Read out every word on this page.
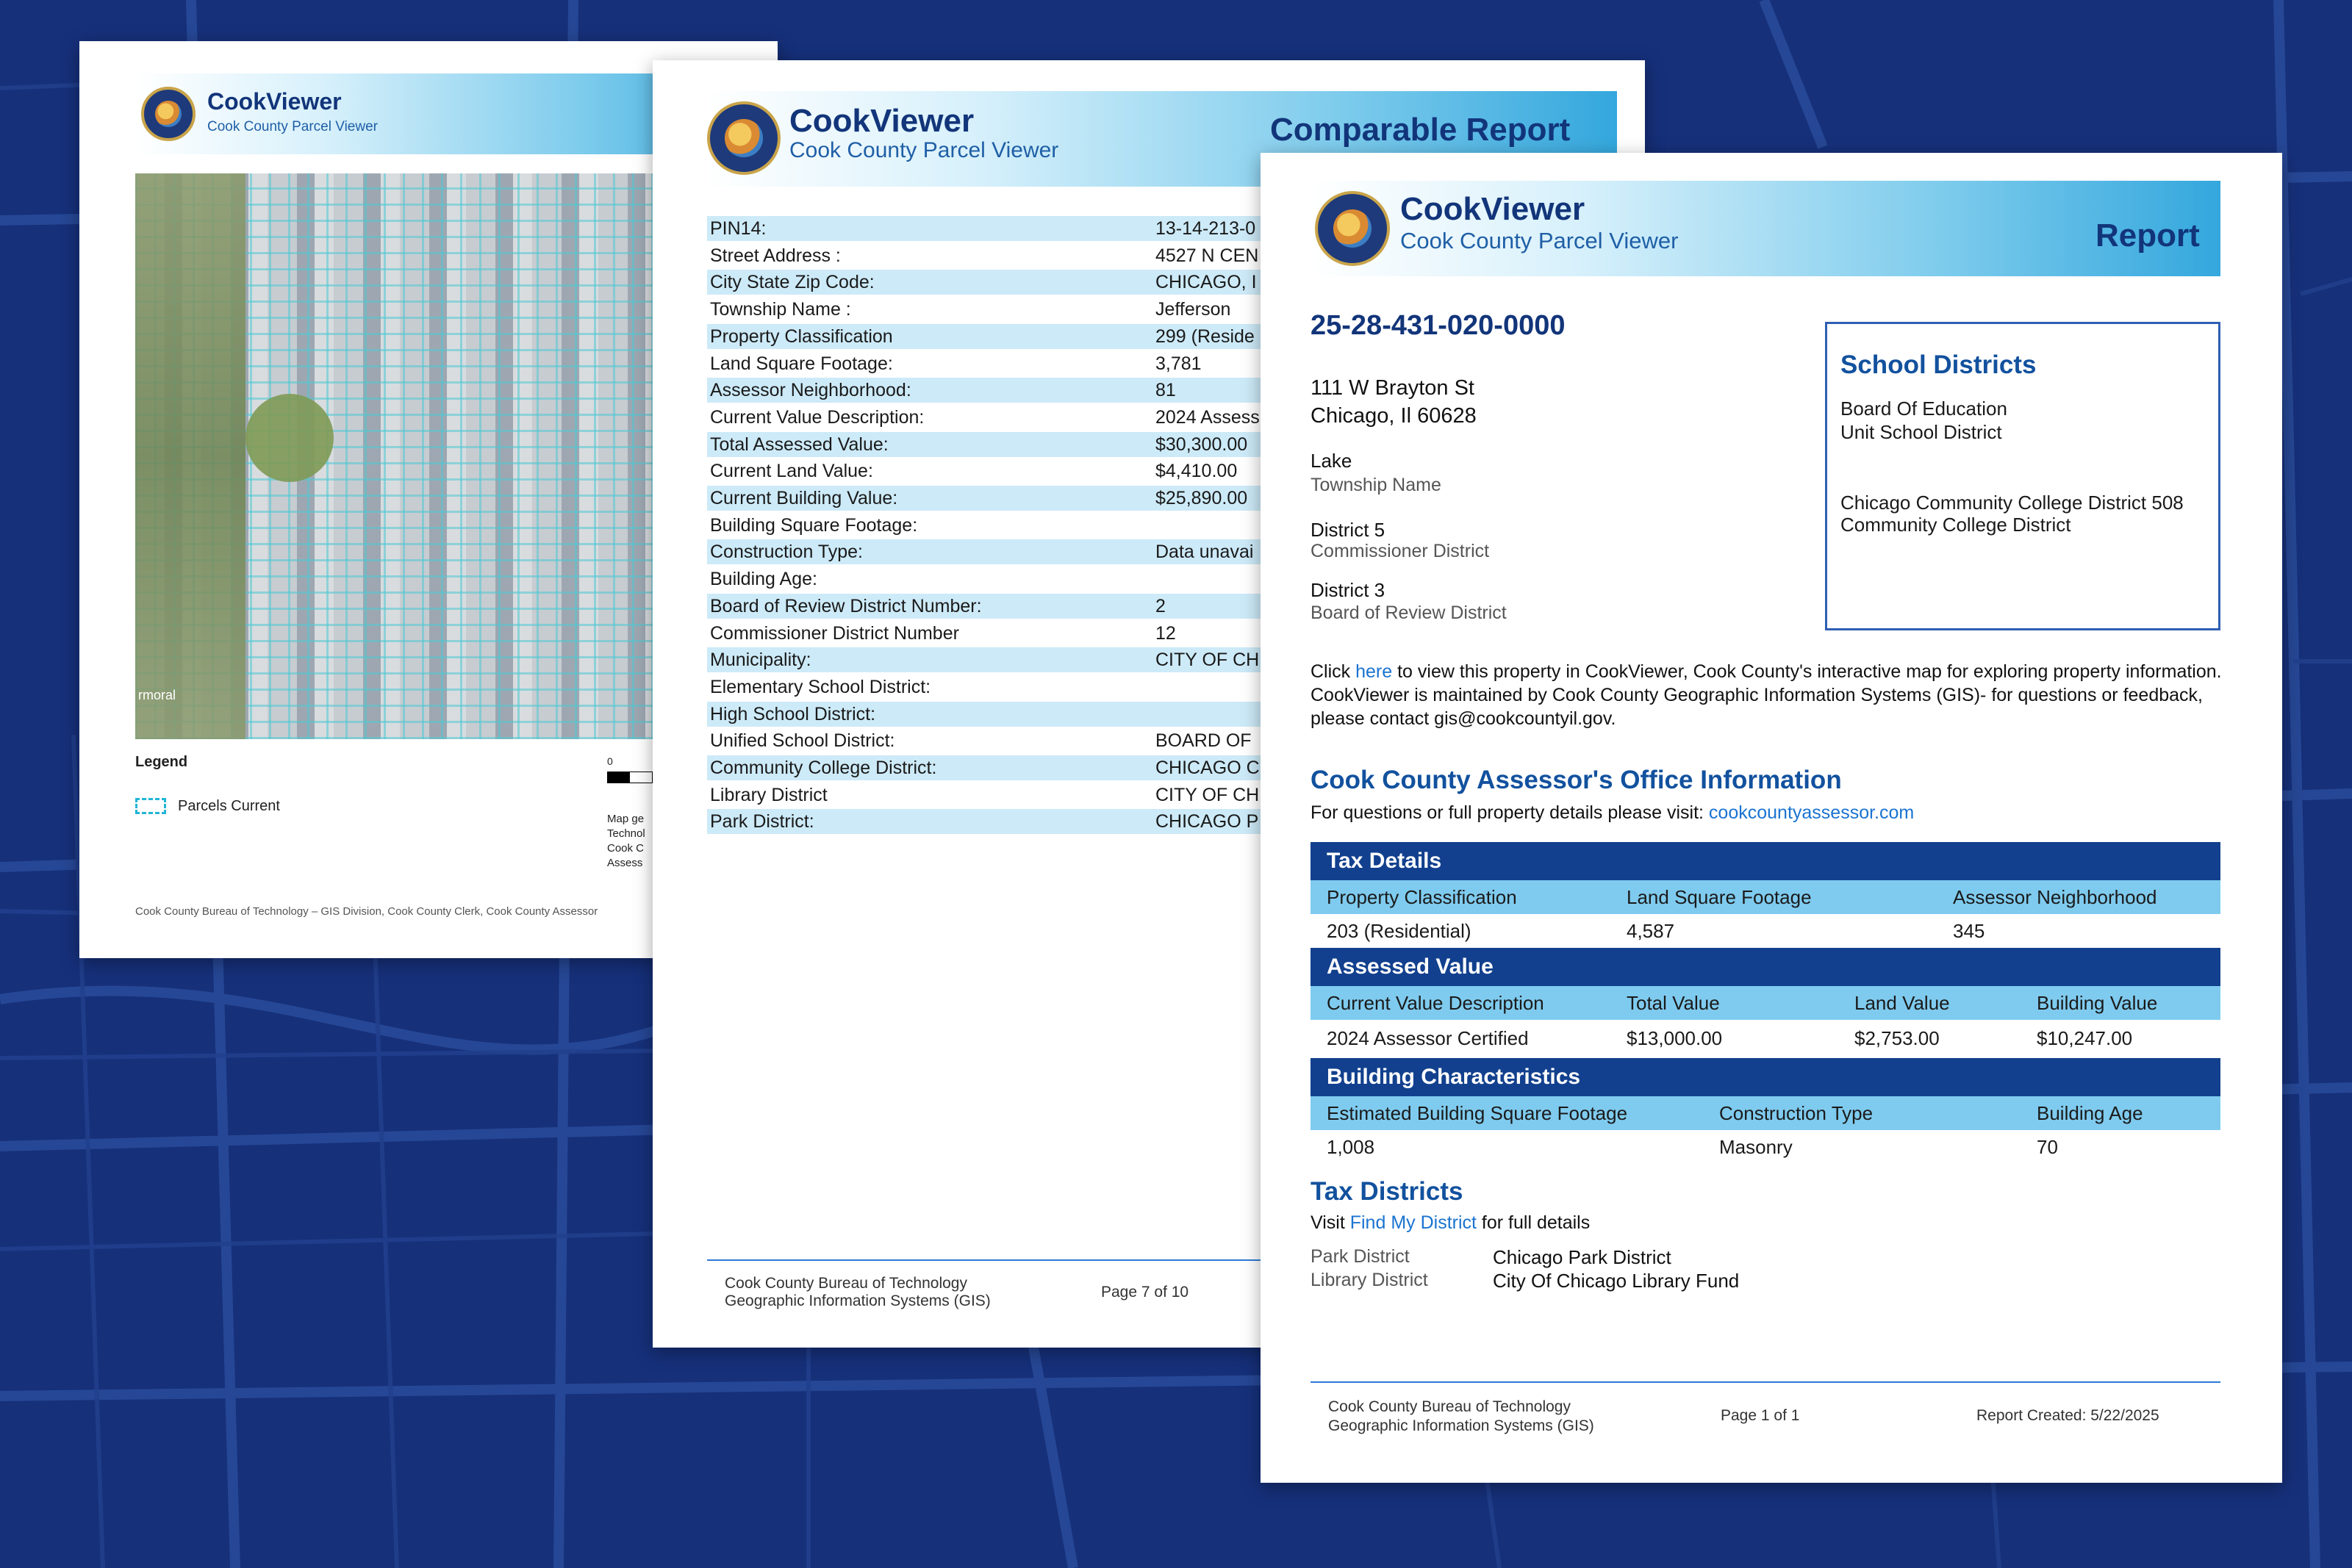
CookViewer
Cook County Parcel Viewer
rmoral
Legend
Parcels Current
0
Map ge
Technol
Cook C
Assess
Cook County Bureau of Technology – GIS Division, Cook County Clerk, Cook County Assessor
CookViewer
Cook County Parcel Viewer
Comparable Report
PIN14:	13-14-213-0
Street Address :	4527 N CEN
City State Zip Code:	CHICAGO, I
Township Name :	Jefferson
Property Classification	299 (Reside
Land Square Footage:	3,781
Assessor Neighborhood:	81
Current Value Description:	2024 Assess
Total Assessed Value:	$30,300.00
Current Land Value:	$4,410.00
Current Building Value:	$25,890.00
Building Square Footage:
Construction Type:	Data unavai
Building Age:
Board of Review District Number:	2
Commissioner District Number	12
Municipality:	CITY OF CH
Elementary School District:
High School District:
Unified School District:	BOARD OF
Community College District:	CHICAGO C
Library District	CITY OF CH
Park District:	CHICAGO P
Cook County Bureau of Technology
Geographic Information Systems (GIS)
Page 7 of 10
CookViewer
Cook County Parcel Viewer	Report
25-28-431-020-0000
111 W Brayton St
Chicago, Il 60628
Lake
Township Name
District 5
Commissioner District
District 3
Board of Review District
School Districts
Board Of Education
Unit School District
Chicago Community College District 508
Community College District
Click here to view this property in CookViewer, Cook County's interactive map for exploring property information. CookViewer is maintained by Cook County Geographic Information Systems (GIS)- for questions or feedback, please contact gis@cookcountyil.gov.
Cook County Assessor's Office Information
For questions or full property details please visit: cookcountyassessor.com
Tax Details
Property Classification	Land Square Footage	Assessor Neighborhood
203 (Residential)	4,587	345
Assessed Value
Current Value Description	Total Value	Land Value	Building Value
2024 Assessor Certified	$13,000.00	$2,753.00	$10,247.00
Building Characteristics
Estimated Building Square Footage	Construction Type	Building Age
1,008	Masonry	70
Tax Districts
Visit Find My District for full details
Park District	Chicago Park District
Library District	City Of Chicago Library Fund
Cook County Bureau of Technology
Geographic Information Systems (GIS)
Page 1 of 1	Report Created: 5/22/2025
